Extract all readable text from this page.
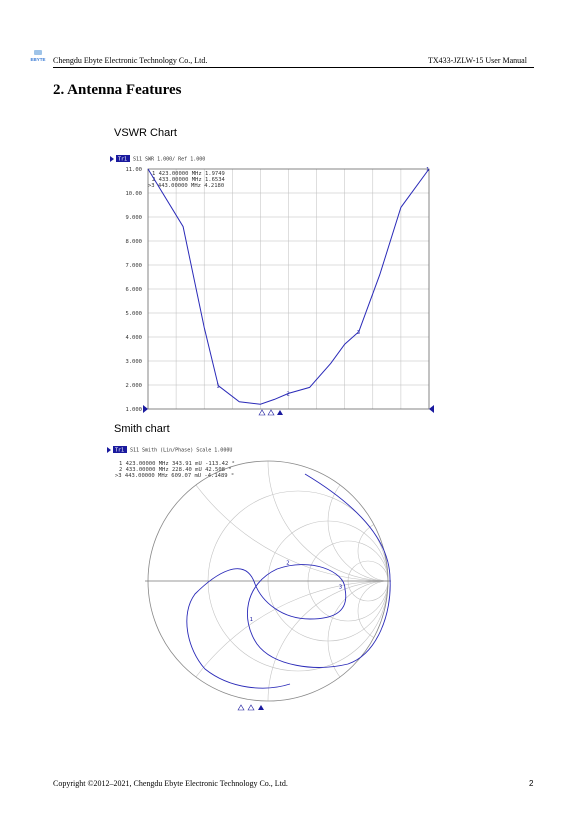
EBYTE Chengdu Ebyte Electronic Technology Co., Ltd.	TX433-JZLW-15 User Manual
2. Antenna Features
VSWR Chart
Tr1 S11 SWR 1.000/ Ref 1.000
11.00
10.00
9.000
8.000
7.000
6.000
5.000
4.000
3.000
2.000
1.000
1 423.00000 MHz 1.9749
2 433.00000 MHz 1.6534
>3 443.00000 MHz 4.2180
1
2
3
1
Smith chart
Tr1 S11 Smith (Lin/Phase) Scale 1.000U
1 423.00000 MHz 343.91 mU -113.42 °
2 433.00000 MHz 228.40 mU 42.508 °
>3 443.00000 MHz 609.07 mU -4.1489 °
1
2
3
Copyright ©2012–2021, Chengdu Ebyte Electronic Technology Co., Ltd.	2
